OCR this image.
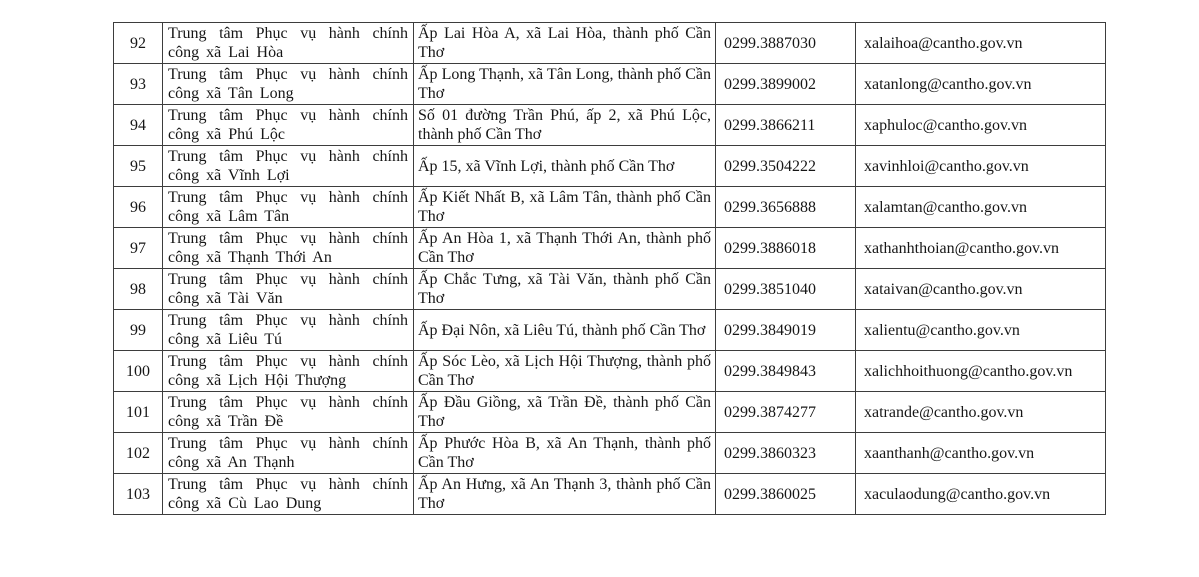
92	Trung tâm Phục vụ hành chính công xã Lai Hòa	Ấp Lai Hòa A, xã Lai Hòa, thành phố Cần Thơ	0299.3887030	xalaihoa@cantho.gov.vn
93	Trung tâm Phục vụ hành chính công xã Tân Long	Ấp Long Thạnh, xã Tân Long, thành phố Cần Thơ	0299.3899002	xatanlong@cantho.gov.vn
94	Trung tâm Phục vụ hành chính công xã Phú Lộc	Số 01 đường Trần Phú, ấp 2, xã Phú Lộc, thành phố Cần Thơ	0299.3866211	xaphuloc@cantho.gov.vn
95	Trung tâm Phục vụ hành chính công xã Vĩnh Lợi	Ấp 15, xã Vĩnh Lợi, thành phố Cần Thơ	0299.3504222	xavinhloi@cantho.gov.vn
96	Trung tâm Phục vụ hành chính công xã Lâm Tân	Ấp Kiết Nhất B, xã Lâm Tân, thành phố Cần Thơ	0299.3656888	xalamtan@cantho.gov.vn
97	Trung tâm Phục vụ hành chính công xã Thạnh Thới An	Ấp An Hòa 1, xã Thạnh Thới An, thành phố Cần Thơ	0299.3886018	xathanhthoian@cantho.gov.vn
98	Trung tâm Phục vụ hành chính công xã Tài Văn	Ấp Chắc Tưng, xã Tài Văn, thành phố Cần Thơ	0299.3851040	xataivan@cantho.gov.vn
99	Trung tâm Phục vụ hành chính công xã Liêu Tú	Ấp Đại Nôn, xã Liêu Tú, thành phố Cần Thơ	0299.3849019	xalientu@cantho.gov.vn
100	Trung tâm Phục vụ hành chính công xã Lịch Hội Thượng	Ấp Sóc Lèo, xã Lịch Hội Thượng, thành phố Cần Thơ	0299.3849843	xalichhoithuong@cantho.gov.vn
101	Trung tâm Phục vụ hành chính công xã Trần Đề	Ấp Đầu Giồng, xã Trần Đề, thành phố Cần Thơ	0299.3874277	xatrande@cantho.gov.vn
102	Trung tâm Phục vụ hành chính công xã An Thạnh	Ấp Phước Hòa B, xã An Thạnh, thành phố Cần Thơ	0299.3860323	xaanthanh@cantho.gov.vn
103	Trung tâm Phục vụ hành chính công xã Cù Lao Dung	Ấp An Hưng, xã An Thạnh 3, thành phố Cần Thơ	0299.3860025	xaculaodung@cantho.gov.vn
